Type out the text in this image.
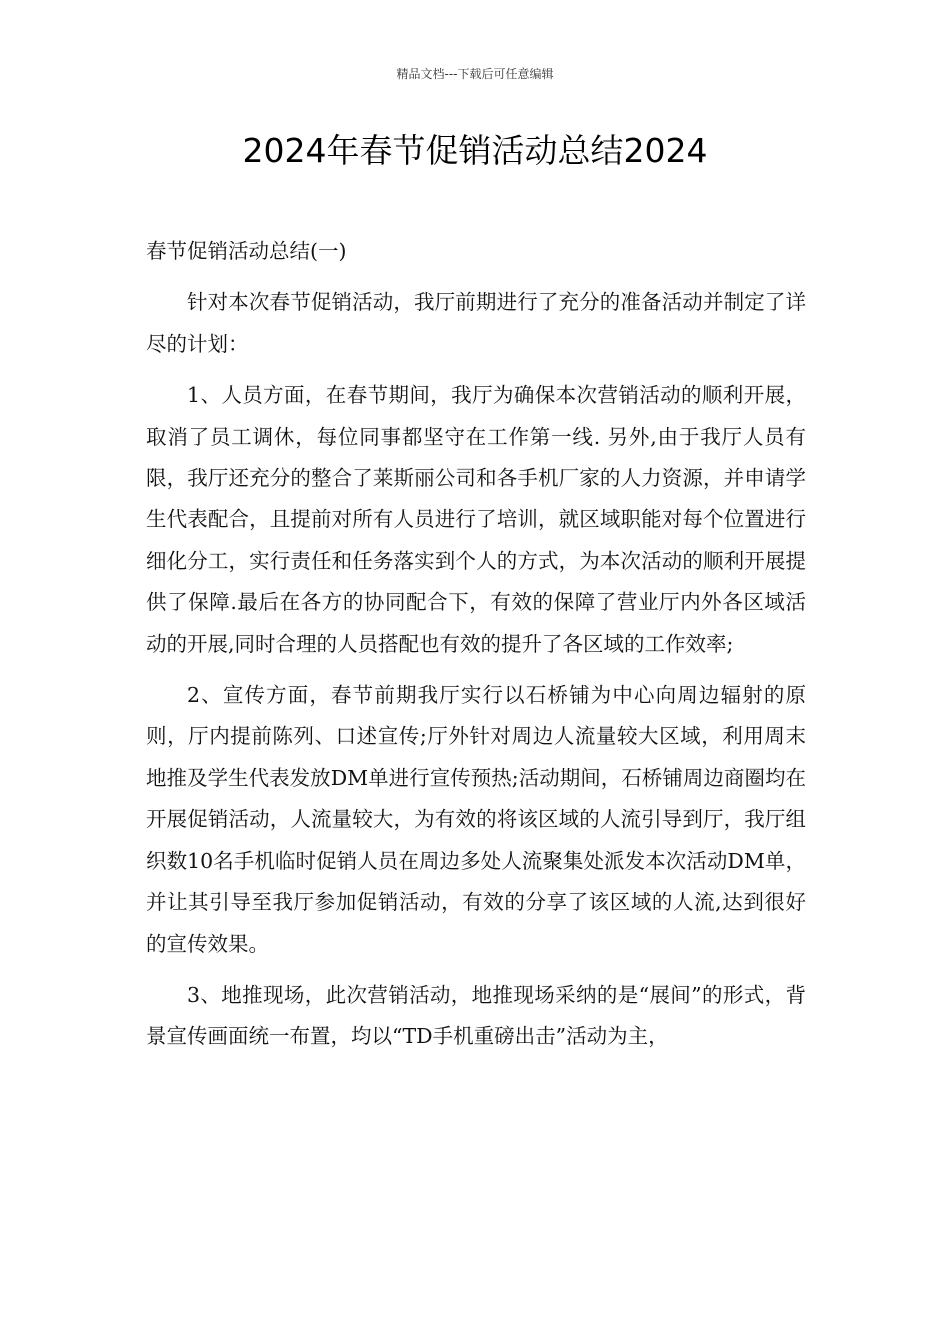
精品文档---下载后可任意编辑
2024年春节促销活动总结2024

春节促销活动总结(一)

针对本次春节促销活动，我厅前期进行了充分的准备活动并制定了详尽的计划：

1、人员方面，在春节期间，我厅为确保本次营销活动的顺利开展，取消了员工调休，每位同事都坚守在工作第一线. 另外,由于我厅人员有限，我厅还充分的整合了莱斯丽公司和各手机厂家的人力资源，并申请学生代表配合，且提前对所有人员进行了培训，就区域职能对每个位置进行细化分工，实行责任和任务落实到个人的方式，为本次活动的顺利开展提供了保障.最后在各方的协同配合下，有效的保障了营业厅内外各区域活动的开展,同时合理的人员搭配也有效的提升了各区域的工作效率;

2、宣传方面，春节前期我厅实行以石桥铺为中心向周边辐射的原则，厅内提前陈列、口述宣传;厅外针对周边人流量较大区域，利用周末地推及学生代表发放DM单进行宣传预热;活动期间，石桥铺周边商圈均在开展促销活动，人流量较大，为有效的将该区域的人流引导到厅，我厅组织数10名手机临时促销人员在周边多处人流聚集处派发本次活动DM单，并让其引导至我厅参加促销活动，有效的分享了该区域的人流,达到很好的宣传效果。

3、地推现场，此次营销活动，地推现场采纳的是“展间”的形式，背景宣传画面统一布置，均以“TD手机重磅出击”活动为主，
